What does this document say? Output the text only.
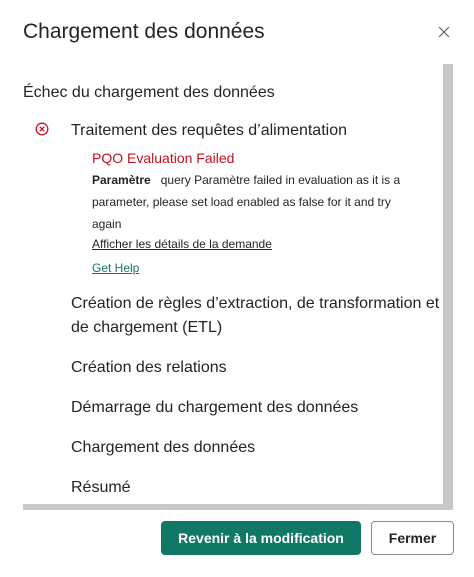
Chargement des données
Échec du chargement des données
Traitement des requêtes d’alimentation
PQO Evaluation Failed
Paramètre query Paramètre failed in evaluation as it is a parameter, please set load enabled as false for it and try again
Afficher les détails de la demande
Get Help
Création de règles d’extraction, de transformation et de chargement (ETL)
Création des relations
Démarrage du chargement des données
Chargement des données
Résumé
Revenir à la modification	Fermer
